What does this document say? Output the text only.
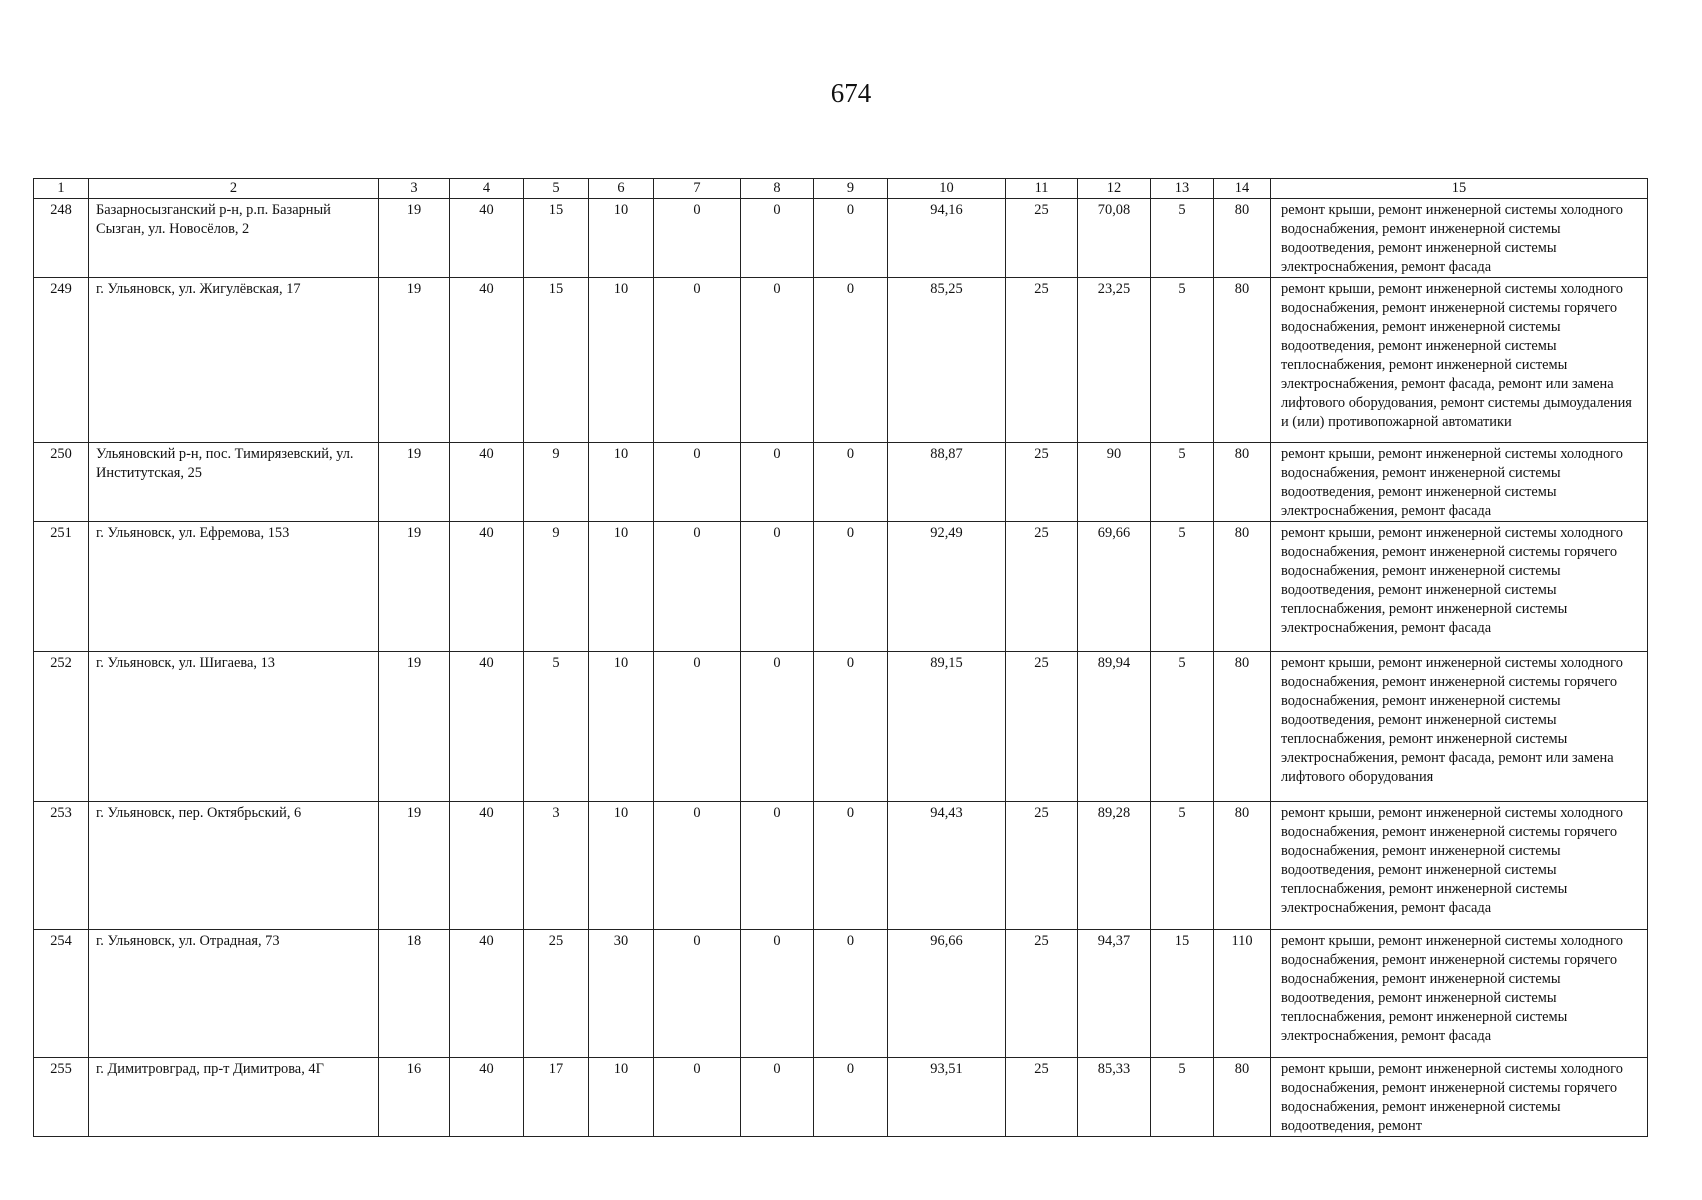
674
1	2	3	4	5	6	7	8	9	10	11	12	13	14	15
248	Базарносызганский р-н, р.п. Базарный Сызган, ул. Новосёлов, 2	19	40	15	10	0	0	0	94,16	25	70,08	5	80	ремонт крыши, ремонт инженерной системы холодного водоснабжения, ремонт инженерной системы водоотведения, ремонт инженерной системы электроснабжения, ремонт фасада
249	г. Ульяновск, ул. Жигулёвская, 17	19	40	15	10	0	0	0	85,25	25	23,25	5	80	ремонт крыши, ремонт инженерной системы холодного водоснабжения, ремонт инженерной системы горячего водоснабжения, ремонт инженерной системы водоотведения, ремонт инженерной системы теплоснабжения, ремонт инженерной системы электроснабжения, ремонт фасада, ремонт или замена лифтового оборудования, ремонт системы дымоудаления и (или) противопожарной автоматики
250	Ульяновский р-н, пос. Тимирязевский, ул. Институтская, 25	19	40	9	10	0	0	0	88,87	25	90	5	80	ремонт крыши, ремонт инженерной системы холодного водоснабжения, ремонт инженерной системы водоотведения, ремонт инженерной системы электроснабжения, ремонт фасада
251	г. Ульяновск, ул. Ефремова, 153	19	40	9	10	0	0	0	92,49	25	69,66	5	80	ремонт крыши, ремонт инженерной системы холодного водоснабжения, ремонт инженерной системы горячего водоснабжения, ремонт инженерной системы водоотведения, ремонт инженерной системы теплоснабжения, ремонт инженерной системы электроснабжения, ремонт фасада
252	г. Ульяновск, ул. Шигаева, 13	19	40	5	10	0	0	0	89,15	25	89,94	5	80	ремонт крыши, ремонт инженерной системы холодного водоснабжения, ремонт инженерной системы горячего водоснабжения, ремонт инженерной системы водоотведения, ремонт инженерной системы теплоснабжения, ремонт инженерной системы электроснабжения, ремонт фасада, ремонт или замена лифтового оборудования
253	г. Ульяновск, пер. Октябрьский, 6	19	40	3	10	0	0	0	94,43	25	89,28	5	80	ремонт крыши, ремонт инженерной системы холодного водоснабжения, ремонт инженерной системы горячего водоснабжения, ремонт инженерной системы водоотведения, ремонт инженерной системы теплоснабжения, ремонт инженерной системы электроснабжения, ремонт фасада
254	г. Ульяновск, ул. Отрадная, 73	18	40	25	30	0	0	0	96,66	25	94,37	15	110	ремонт крыши, ремонт инженерной системы холодного водоснабжения, ремонт инженерной системы горячего водоснабжения, ремонт инженерной системы водоотведения, ремонт инженерной системы теплоснабжения, ремонт инженерной системы электроснабжения, ремонт фасада
255	г. Димитровград, пр-т Димитрова, 4Г	16	40	17	10	0	0	0	93,51	25	85,33	5	80	ремонт крыши, ремонт инженерной системы холодного водоснабжения, ремонт инженерной системы горячего водоснабжения, ремонт инженерной системы водоотведения, ремонт
